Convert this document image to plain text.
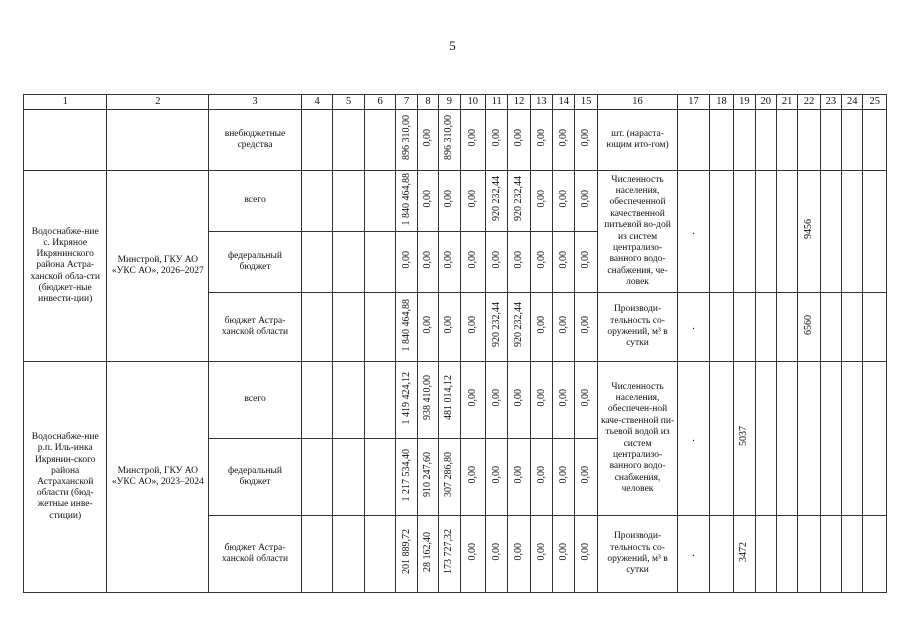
5
1	2	3	4	5	6	7	8	9	10	11	12	13	14	15	16	17	18	19	20	21	22	23	24	25

		внебюджетные средства				896 310,00	0,00	896 310,00	0,00	0,00	0,00	0,00	0,00	0,00	шт. (нараста-ющим ито-гом)									

Водоснабже-ние с. Икряное Икрянинского района Астра-ханской обла-сти (бюджет-ные инвести-ции)	Минстрой, ГКУ АО «УКС АО», 2026–2027	всего				1 840 464,88	0,00	0,00	0,00	920 232,44	920 232,44	0,00	0,00	0,00	Численность населения, обеспеченной качественной питьевой во-дой из систем централизо-ванного водо-снабжения, че-ловек	.					9456			

		федеральный бюджет				0,00	0,00	0,00	0,00	0,00	0,00	0,00	0,00	0,00										

		бюджет Астра-ханской области				1 840 464,88	0,00	0,00	0,00	920 232,44	920 232,44	0,00	0,00	0,00	Производи-тельность со-оружений, м³ в сутки	.					6560			

Водоснабже-ние р.п. Иль-инка Икрянин-ского района Астраханской области (бюд-жетные инве-стиции)	Минстрой, ГКУ АО «УКС АО», 2023–2024	всего				1 419 424,12	938 410,00	481 014,12	0,00	0,00	0,00	0,00	0,00	0,00	Численность населения, обеспечен-ной каче-ственной пи-тьевой водой из систем централизо-ванного водо-снабжения, человек	.		5037						

		федеральный бюджет				1 217 534,40	910 247,60	307 286,80	0,00	0,00	0,00	0,00	0,00	0,00										

		бюджет Астра-ханской области				201 889,72	28 162,40	173 727,32	0,00	0,00	0,00	0,00	0,00	0,00	Производи-тельность со-оружений, м³ в сутки	.		3472						
